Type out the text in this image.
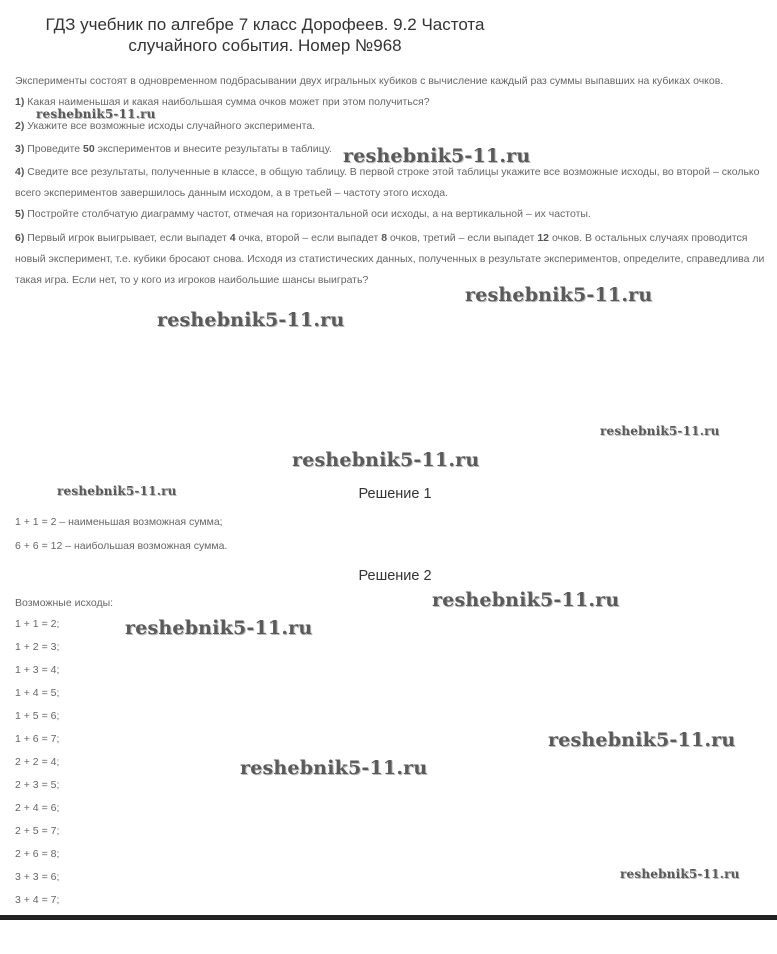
ГДЗ учебник по алгебре 7 класс Дорофеев. 9.2 Частота
случайного события. Номер №968
Эксперименты состоят в одновременном подбрасывании двух игральных кубиков с вычисление каждый раз суммы выпавших на кубиках очков.
1) Какая наименьшая и какая наибольшая сумма очков может при этом получиться?
2) Укажите все возможные исходы случайного эксперимента.
3) Проведите 50 экспериментов и внесите результаты в таблицу.
4) Сведите все результаты, полученные в классе, в общую таблицу. В первой строке этой таблицы укажите все возможные исходы, во второй – сколько всего экспериментов завершилось данным исходом, а в третьей – частоту этого исхода.
5) Постройте столбчатую диаграмму частот, отмечая на горизонтальной оси исходы, а на вертикальной – их частоты.
6) Первый игрок выигрывает, если выпадет 4 очка, второй – если выпадет 8 очков, третий – если выпадет 12 очков. В остальных случаях проводится новый эксперимент, т.е. кубики бросают снова. Исходя из статистических данных, полученных в результате экспериментов, определите, справедлива ли такая игра. Если нет, то у кого из игроков наибольшие шансы выиграть?
Решение 1
1 + 1 = 2 – наименьшая возможная сумма;
6 + 6 = 12 – наибольшая возможная сумма.
Решение 2
Возможные исходы:
1 + 1 = 2;
1 + 2 = 3;
1 + 3 = 4;
1 + 4 = 5;
1 + 5 = 6;
1 + 6 = 7;
2 + 2 = 4;
2 + 3 = 5;
2 + 4 = 6;
2 + 5 = 7;
2 + 6 = 8;
3 + 3 = 6;
3 + 4 = 7;
reshebnik5-11.ru
reshebnik5-11.ru
reshebnik5-11.ru
reshebnik5-11.ru
reshebnik5-11.ru
reshebnik5-11.ru
reshebnik5-11.ru
reshebnik5-11.ru
reshebnik5-11.ru
reshebnik5-11.ru
reshebnik5-11.ru
reshebnik5-11.ru
